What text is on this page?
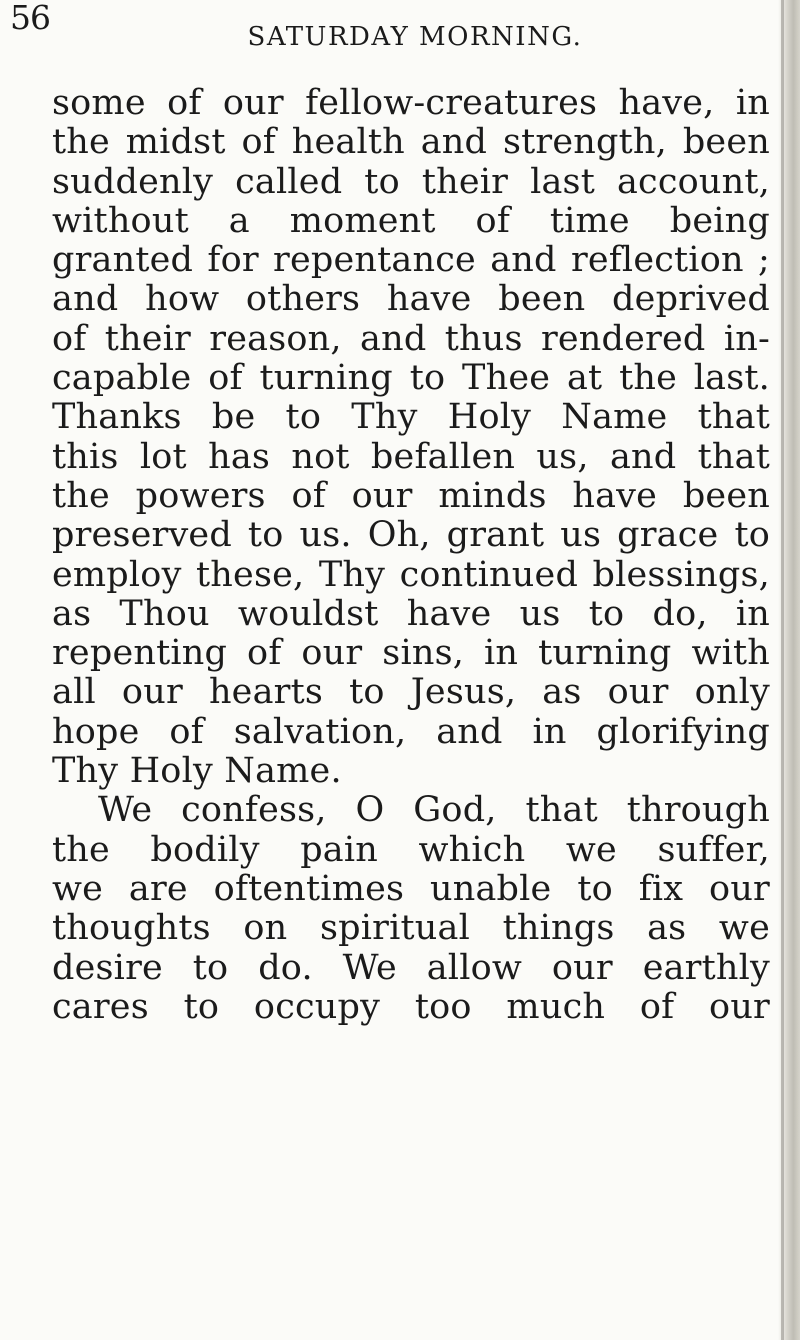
56	SATURDAY MORNING.
some of our fellow-creatures have, in
the midst of health and strength, been
suddenly called to their last account,
without a moment of time being
granted for repentance and reflection ;
and how others have been deprived
of their reason, and thus rendered in-
capable of turning to Thee at the last.
Thanks be to Thy Holy Name that
this lot has not befallen us, and that
the powers of our minds have been
preserved to us. Oh, grant us grace to
employ these, Thy continued blessings,
as Thou wouldst have us to do, in
repenting of our sins, in turning with
all our hearts to Jesus, as our only
hope of salvation, and in glorifying
Thy Holy Name.
We confess, O God, that through
the bodily pain which we suffer,
we are oftentimes unable to fix our
thoughts on spiritual things as we
desire to do. We allow our earthly
cares to occupy too much of our
